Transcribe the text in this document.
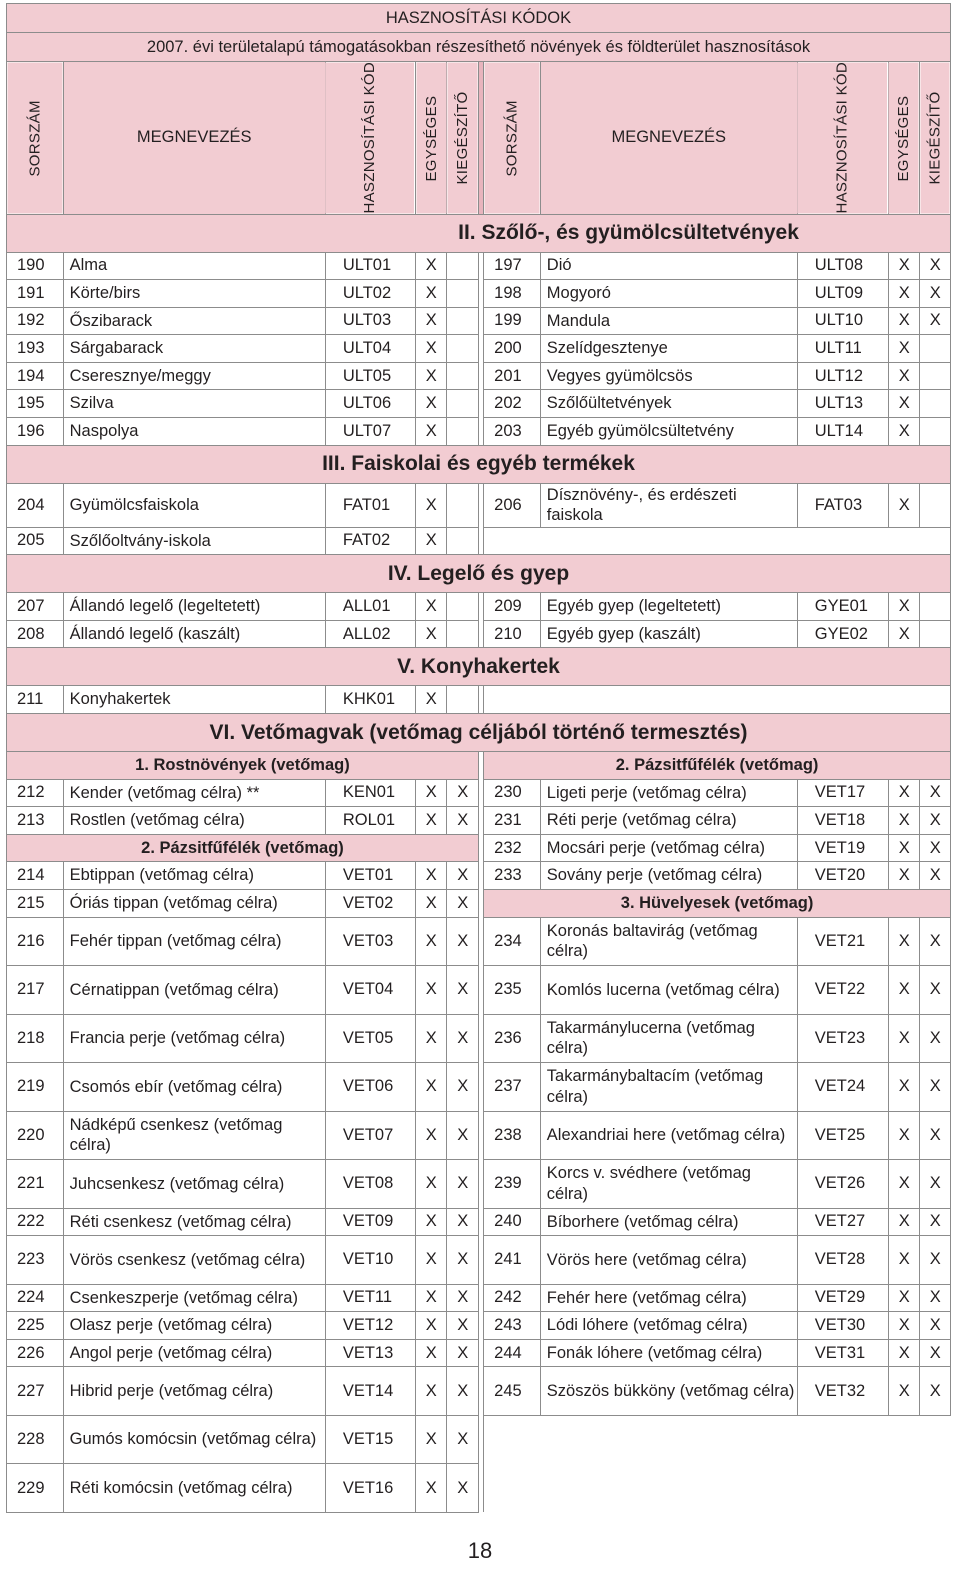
HASZNOSÍTÁSI KÓDOK										
2007. évi területalapú támogatásokban részesíthető növények és földterület hasznosítások										
SORSZÁM	MEGNEVEZÉS	HASZNOSÍTÁSI KÓD	EGYSÉGES	KIEGÉSZÍTŐ		SORSZÁM	MEGNEVEZÉS	HASZNOSÍTÁSI KÓD	EGYSÉGES	KIEGÉSZÍTŐ
II. Szőlő-, és gyümölcsültetvények										
190	Alma	ULT01	X			197	Dió	ULT08	X	X
191	Körte/birs	ULT02	X			198	Mogyoró	ULT09	X	X
192	Őszibarack	ULT03	X			199	Mandula	ULT10	X	X
193	Sárgabarack	ULT04	X			200	Szelídgesztenye	ULT11	X	
194	Cseresznye/meggy	ULT05	X			201	Vegyes gyümölcsös	ULT12	X	
195	Szilva	ULT06	X			202	Szőlőültetvények	ULT13	X	
196	Naspolya	ULT07	X			203	Egyéb gyümölcsültetvény	ULT14	X	
III. Faiskolai és egyéb termékek										
204	Gyümölcsfaiskola	FAT01	X			206	Dísznövény-, és erdészeti faiskola	FAT03	X	
205	Szőlőoltvány-iskola	FAT02	X							
IV. Legelő és gyep										
207	Állandó legelő (legeltetett)	ALL01	X			209	Egyéb gyep (legeltetett)	GYE01	X	
208	Állandó legelő (kaszált)	ALL02	X			210	Egyéb gyep (kaszált)	GYE02	X	
V. Konyhakertek										
211	Konyhakertek	KHK01	X							
VI. Vetőmagvak (vetőmag céljából történő termesztés)										
1. Rostnövények (vetőmag)						2. Pázsitfűfélék (vetőmag)				
212	Kender (vetőmag célra) **	KEN01	X	X		230	Ligeti perje (vetőmag célra)	VET17	X	X
213	Rostlen (vetőmag célra)	ROL01	X	X		231	Réti perje (vetőmag célra)	VET18	X	X
2. Pázsitfűfélék (vetőmag)						232	Mocsári perje (vetőmag célra)	VET19	X	X
214	Ebtippan (vetőmag célra)	VET01	X	X		233	Sovány perje (vetőmag célra)	VET20	X	X
215	Óriás tippan (vetőmag célra)	VET02	X	X		3. Hüvelyesek (vetőmag)				
216	Fehér tippan (vetőmag célra)	VET03	X	X		234	Koronás baltavirág (vetőmag célra)	VET21	X	X
217	Cérnatippan (vetőmag célra)	VET04	X	X		235	Komlós lucerna (vetőmag célra)	VET22	X	X
218	Francia perje (vetőmag célra)	VET05	X	X		236	Takarmánylucerna (vetőmag célra)	VET23	X	X
219	Csomós ebír (vetőmag célra)	VET06	X	X		237	Takarmánybaltacím (vetőmag célra)	VET24	X	X
220	Nádképű csenkesz (vetőmag célra)	VET07	X	X		238	Alexandriai here (vetőmag célra)	VET25	X	X
221	Juhcsenkesz (vetőmag célra)	VET08	X	X		239	Korcs v. svédhere (vetőmag célra)	VET26	X	X
222	Réti csenkesz (vetőmag célra)	VET09	X	X		240	Bíborhere (vetőmag célra)	VET27	X	X
223	Vörös csenkesz (vetőmag célra)	VET10	X	X		241	Vörös here (vetőmag célra)	VET28	X	X
224	Csenkeszperje (vetőmag célra)	VET11	X	X		242	Fehér here (vetőmag célra)	VET29	X	X
225	Olasz perje (vetőmag célra)	VET12	X	X		243	Lódi lóhere (vetőmag célra)	VET30	X	X
226	Angol perje (vetőmag célra)	VET13	X	X		244	Fonák lóhere (vetőmag célra)	VET31	X	X
227	Hibrid perje (vetőmag célra)	VET14	X	X		245	Szöszös bükköny (vetőmag célra)	VET32	X	X
228	Gumós komócsin (vetőmag célra)	VET15	X	X						
229	Réti komócsin (vetőmag célra)	VET16	X	X						
18
